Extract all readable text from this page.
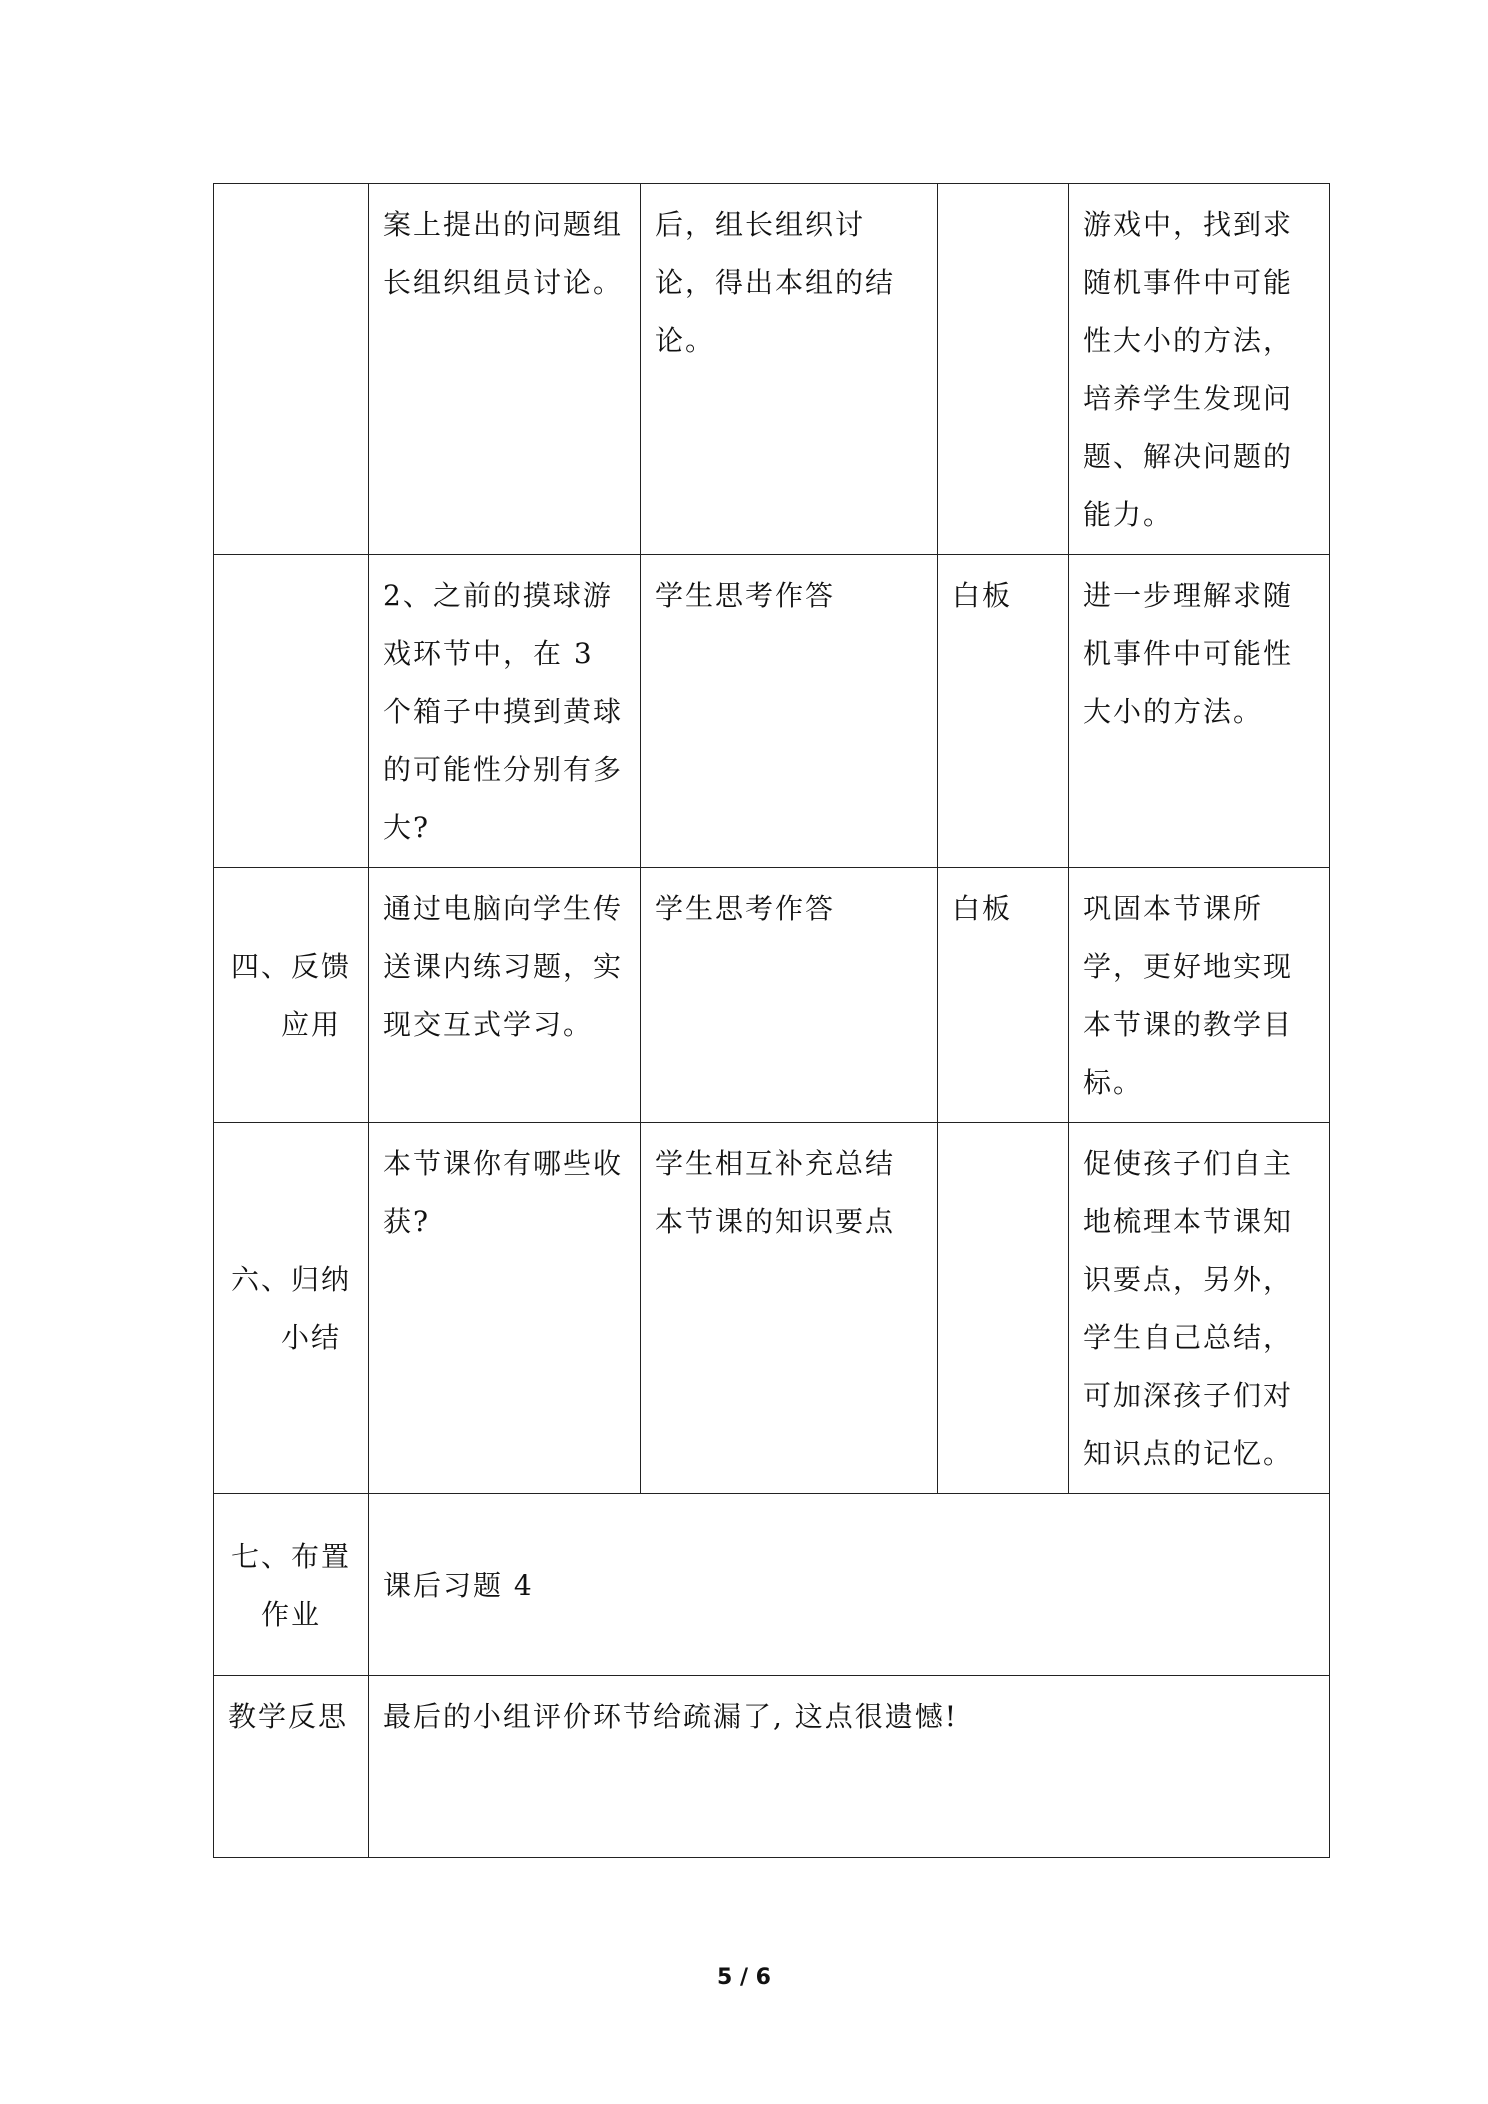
	案上提出的问题组长组织组员讨论。	后，组长组织讨论，得出本组的结论。		游戏中，找到求随机事件中可能性大小的方法，培养学生发现问题、解决问题的能力。
	2、之前的摸球游戏环节中，在 3 个箱子中摸到黄球的可能性分别有多大?	学生思考作答	白板	进一步理解求随机事件中可能性大小的方法。

四、反馈
应用	通过电脑向学生传送课内练习题，实现交互式学习。	学生思考作答	白板	巩固本节课所学，更好地实现本节课的教学目标。

六、归纳
小结	本节课你有哪些收获?	学生相互补充总结本节课的知识要点		促使孩子们自主地梳理本节课知识要点，另外，学生自己总结，可加深孩子们对知识点的记忆。

七、布置
作业	课后习题 4			
教学反思	最后的小组评价环节给疏漏了, 这点很遗憾!			
5 / 6
